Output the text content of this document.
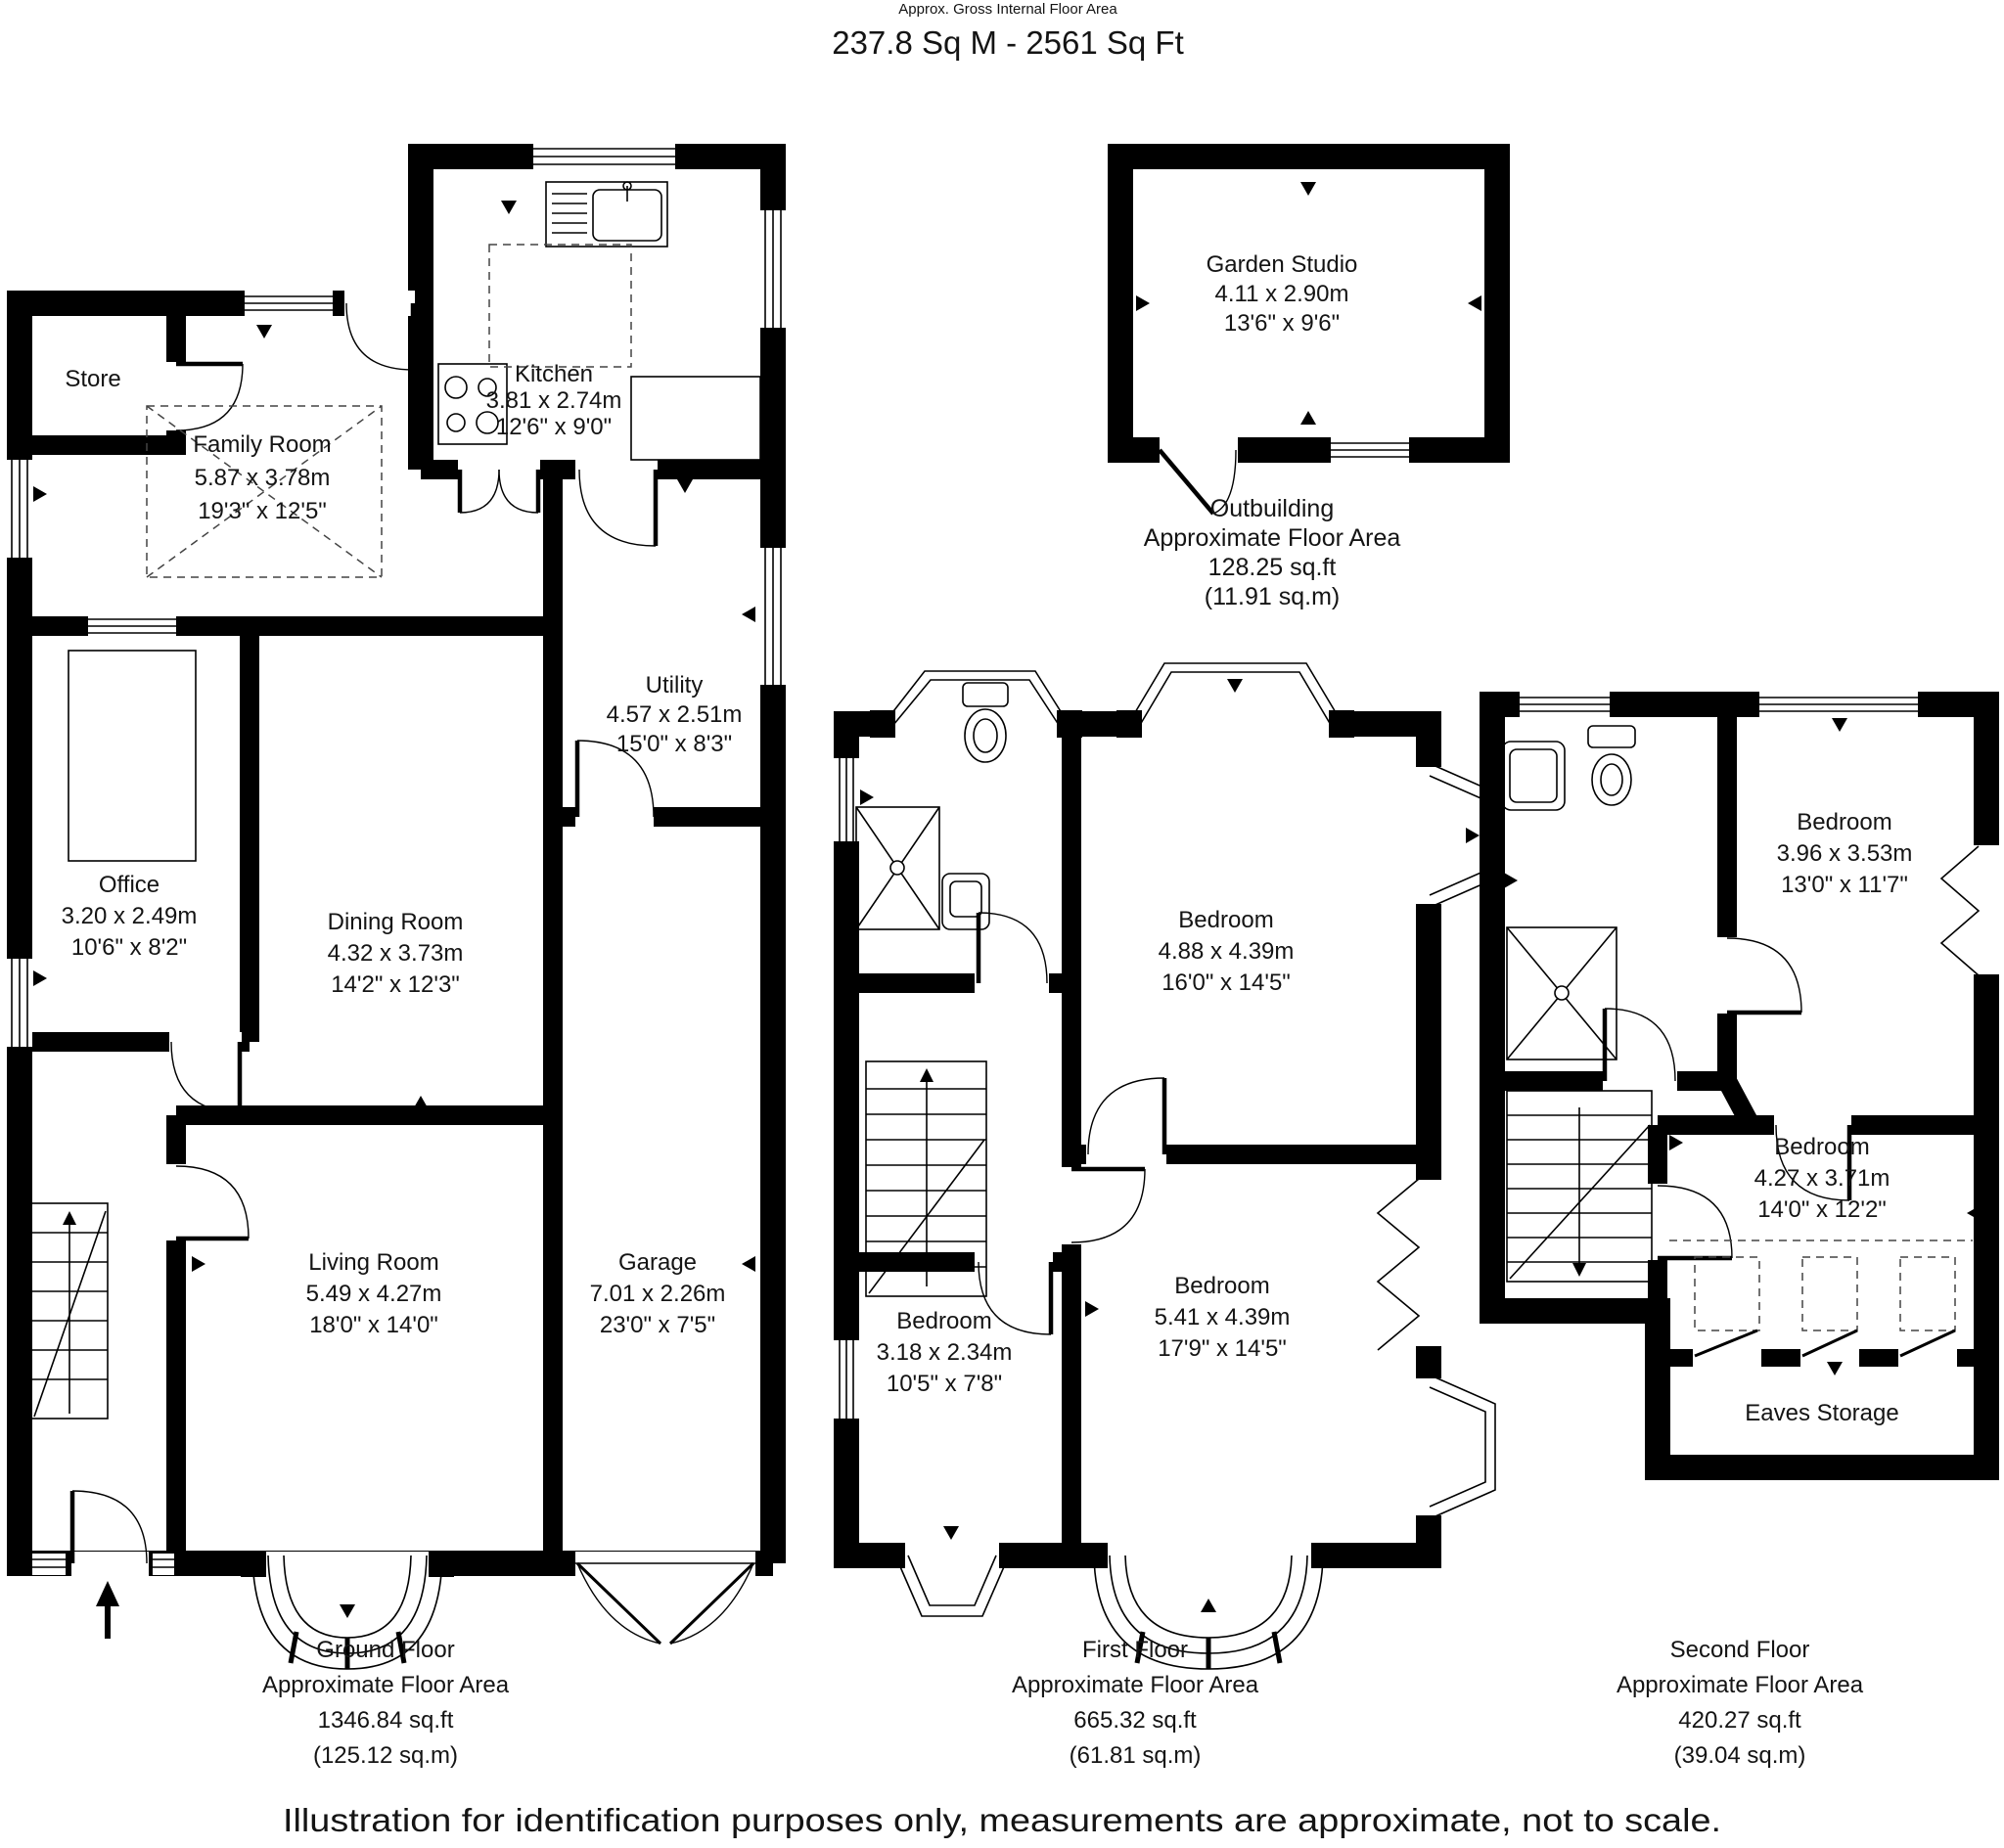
Approx. Gross Internal Floor Area
237.8 Sq M - 2561 Sq Ft
Store	Kitchen
3.81 x 2.74m
12'6" x 9'0"
Family Room
5.87 x 3.78m
19'3" x 12'5"
Utility
4.57 x 2.51m
15'0" x 8'3"
Office
3.20 x 2.49m
10'6" x 8'2"
Dining Room
4.32 x 3.73m
14'2" x 12'3"
Garage
7.01 x 2.26m
23'0" x 7'5"
Living Room
5.49 x 4.27m
18'0" x 14'0"
Garden Studio
4.11 x 2.90m
13'6" x 9'6"
Outbuilding
Approximate Floor Area
128.25 sq.ft
(11.91 sq.m)
Bedroom
4.88 x 4.39m
16'0" x 14'5"
Bedroom
5.41 x 4.39m
17'9" x 14'5"
Bedroom
3.18 x 2.34m
10'5" x 7'8"
Bedroom
3.96 x 3.53m
13'0" x 11'7"
Bedroom
4.27 x 3.71m
14'0" x 12'2"
Eaves Storage
Ground Floor
Approximate Floor Area
1346.84 sq.ft
(125.12 sq.m)
First Floor
Approximate Floor Area
665.32 sq.ft
(61.81 sq.m)
Second Floor
Approximate Floor Area
420.27 sq.ft
(39.04 sq.m)
Illustration for identification purposes only, measurements are approximate, not to scale.
